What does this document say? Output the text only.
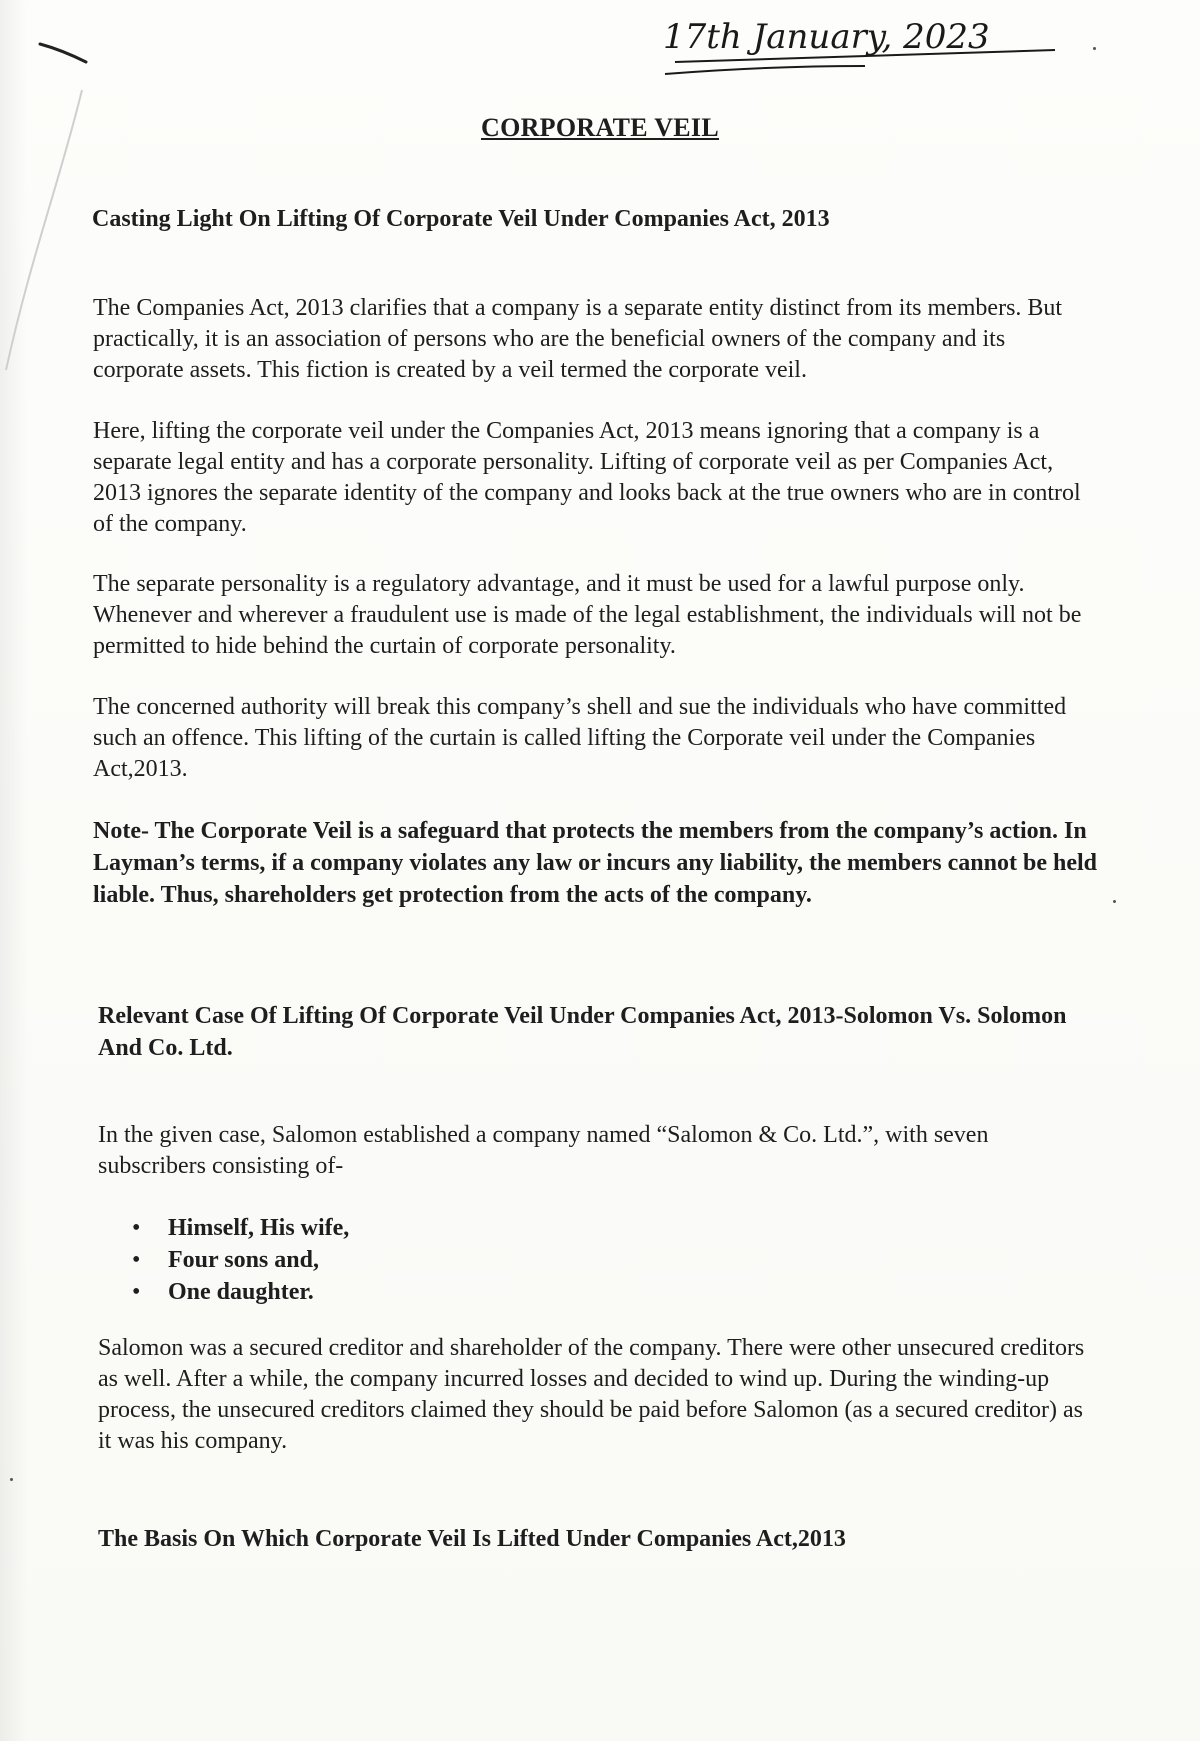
17th January, 2023
CORPORATE VEIL
Casting Light On Lifting Of Corporate Veil Under Companies Act, 2013
The Companies Act, 2013 clarifies that a company is a separate entity distinct from its members. But practically, it is an association of persons who are the beneficial owners of the company and its corporate assets. This fiction is created by a veil termed the corporate veil.
Here, lifting the corporate veil under the Companies Act, 2013 means ignoring that a company is a separate legal entity and has a corporate personality. Lifting of corporate veil as per Companies Act, 2013 ignores the separate identity of the company and looks back at the true owners who are in control of the company.
The separate personality is a regulatory advantage, and it must be used for a lawful purpose only. Whenever and wherever a fraudulent use is made of the legal establishment, the individuals will not be permitted to hide behind the curtain of corporate personality.
The concerned authority will break this company’s shell and sue the individuals who have committed such an offence. This lifting of the curtain is called lifting the Corporate veil under the Companies Act,2013.
Note- The Corporate Veil is a safeguard that protects the members from the company’s action. In Layman’s terms, if a company violates any law or incurs any liability, the members cannot be held liable. Thus, shareholders get protection from the acts of the company.
Relevant Case Of Lifting Of Corporate Veil Under Companies Act, 2013-Solomon Vs. Solomon And Co. Ltd.
In the given case, Salomon established a company named “Salomon & Co. Ltd.”, with seven subscribers consisting of-
• Himself, His wife,
• Four sons and,
• One daughter.
Salomon was a secured creditor and shareholder of the company. There were other unsecured creditors as well. After a while, the company incurred losses and decided to wind up. During the winding-up process, the unsecured creditors claimed they should be paid before Salomon (as a secured creditor) as it was his company.
The Basis On Which Corporate Veil Is Lifted Under Companies Act,2013
